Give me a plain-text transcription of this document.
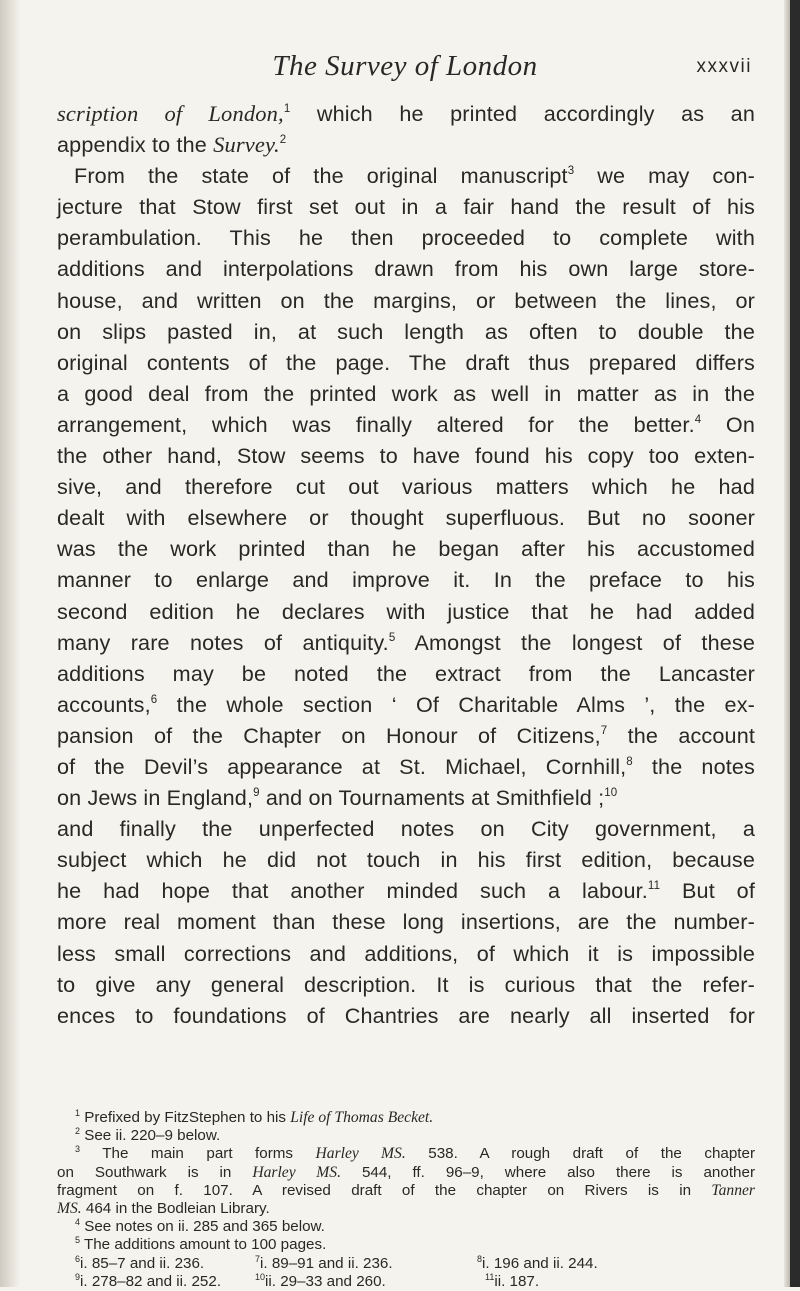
The Survey of London	xxxvii
scription of London,$^1$ which he printed accordingly as an
appendix to the Survey.$^2$
From the state of the original manuscript$^3$ we may con-
jecture that Stow first set out in a fair hand the result of his
perambulation. This he then proceeded to complete with
additions and interpolations drawn from his own large store-
house, and written on the margins, or between the lines, or
on slips pasted in, at such length as often to double the
original contents of the page. The draft thus prepared differs
a good deal from the printed work as well in matter as in the
arrangement, which was finally altered for the better.$^4$ On
the other hand, Stow seems to have found his copy too exten-
sive, and therefore cut out various matters which he had
dealt with elsewhere or thought superfluous. But no sooner
was the work printed than he began after his accustomed
manner to enlarge and improve it. In the preface to his
second edition he declares with justice that he had added
many rare notes of antiquity.$^5$ Amongst the longest of these
additions may be noted the extract from the Lancaster
accounts,$^6$ the whole section ‘ Of Charitable Alms ’, the ex-
pansion of the Chapter on Honour of Citizens,$^7$ the account
of the Devil’s appearance at St. Michael, Cornhill,$^8$ the notes
on Jews in England,$^9$ and on Tournaments at Smithfield ;$^{10}$
and finally the unperfected notes on City government, a
subject which he did not touch in his first edition, because
he had hope that another minded such a labour.$^{11}$ But of
more real moment than these long insertions, are the number-
less small corrections and additions, of which it is impossible
to give any general description. It is curious that the refer-
ences to foundations of Chantries are nearly all inserted for
$^1$ Prefixed by FitzStephen to his Life of Thomas Becket.
$^2$ See ii. 220–9 below.
$^3$ The main part forms Harley MS. 538. A rough draft of the chapter
on Southwark is in Harley MS. 544, ff. 96–9, where also there is another
fragment on f. 107. A revised draft of the chapter on Rivers is in Tanner
MS. 464 in the Bodleian Library.
$^4$ See notes on ii. 285 and 365 below.
$^5$ The additions amount to 100 pages.
$^6$i. 85–7 and ii. 236.	$^7$i. 89–91 and ii. 236.	$^8$i. 196 and ii. 244.
$^9$i. 278–82 and ii. 252.	$^{10}$ii. 29–33 and 260.	$^{11}$ii. 187.
